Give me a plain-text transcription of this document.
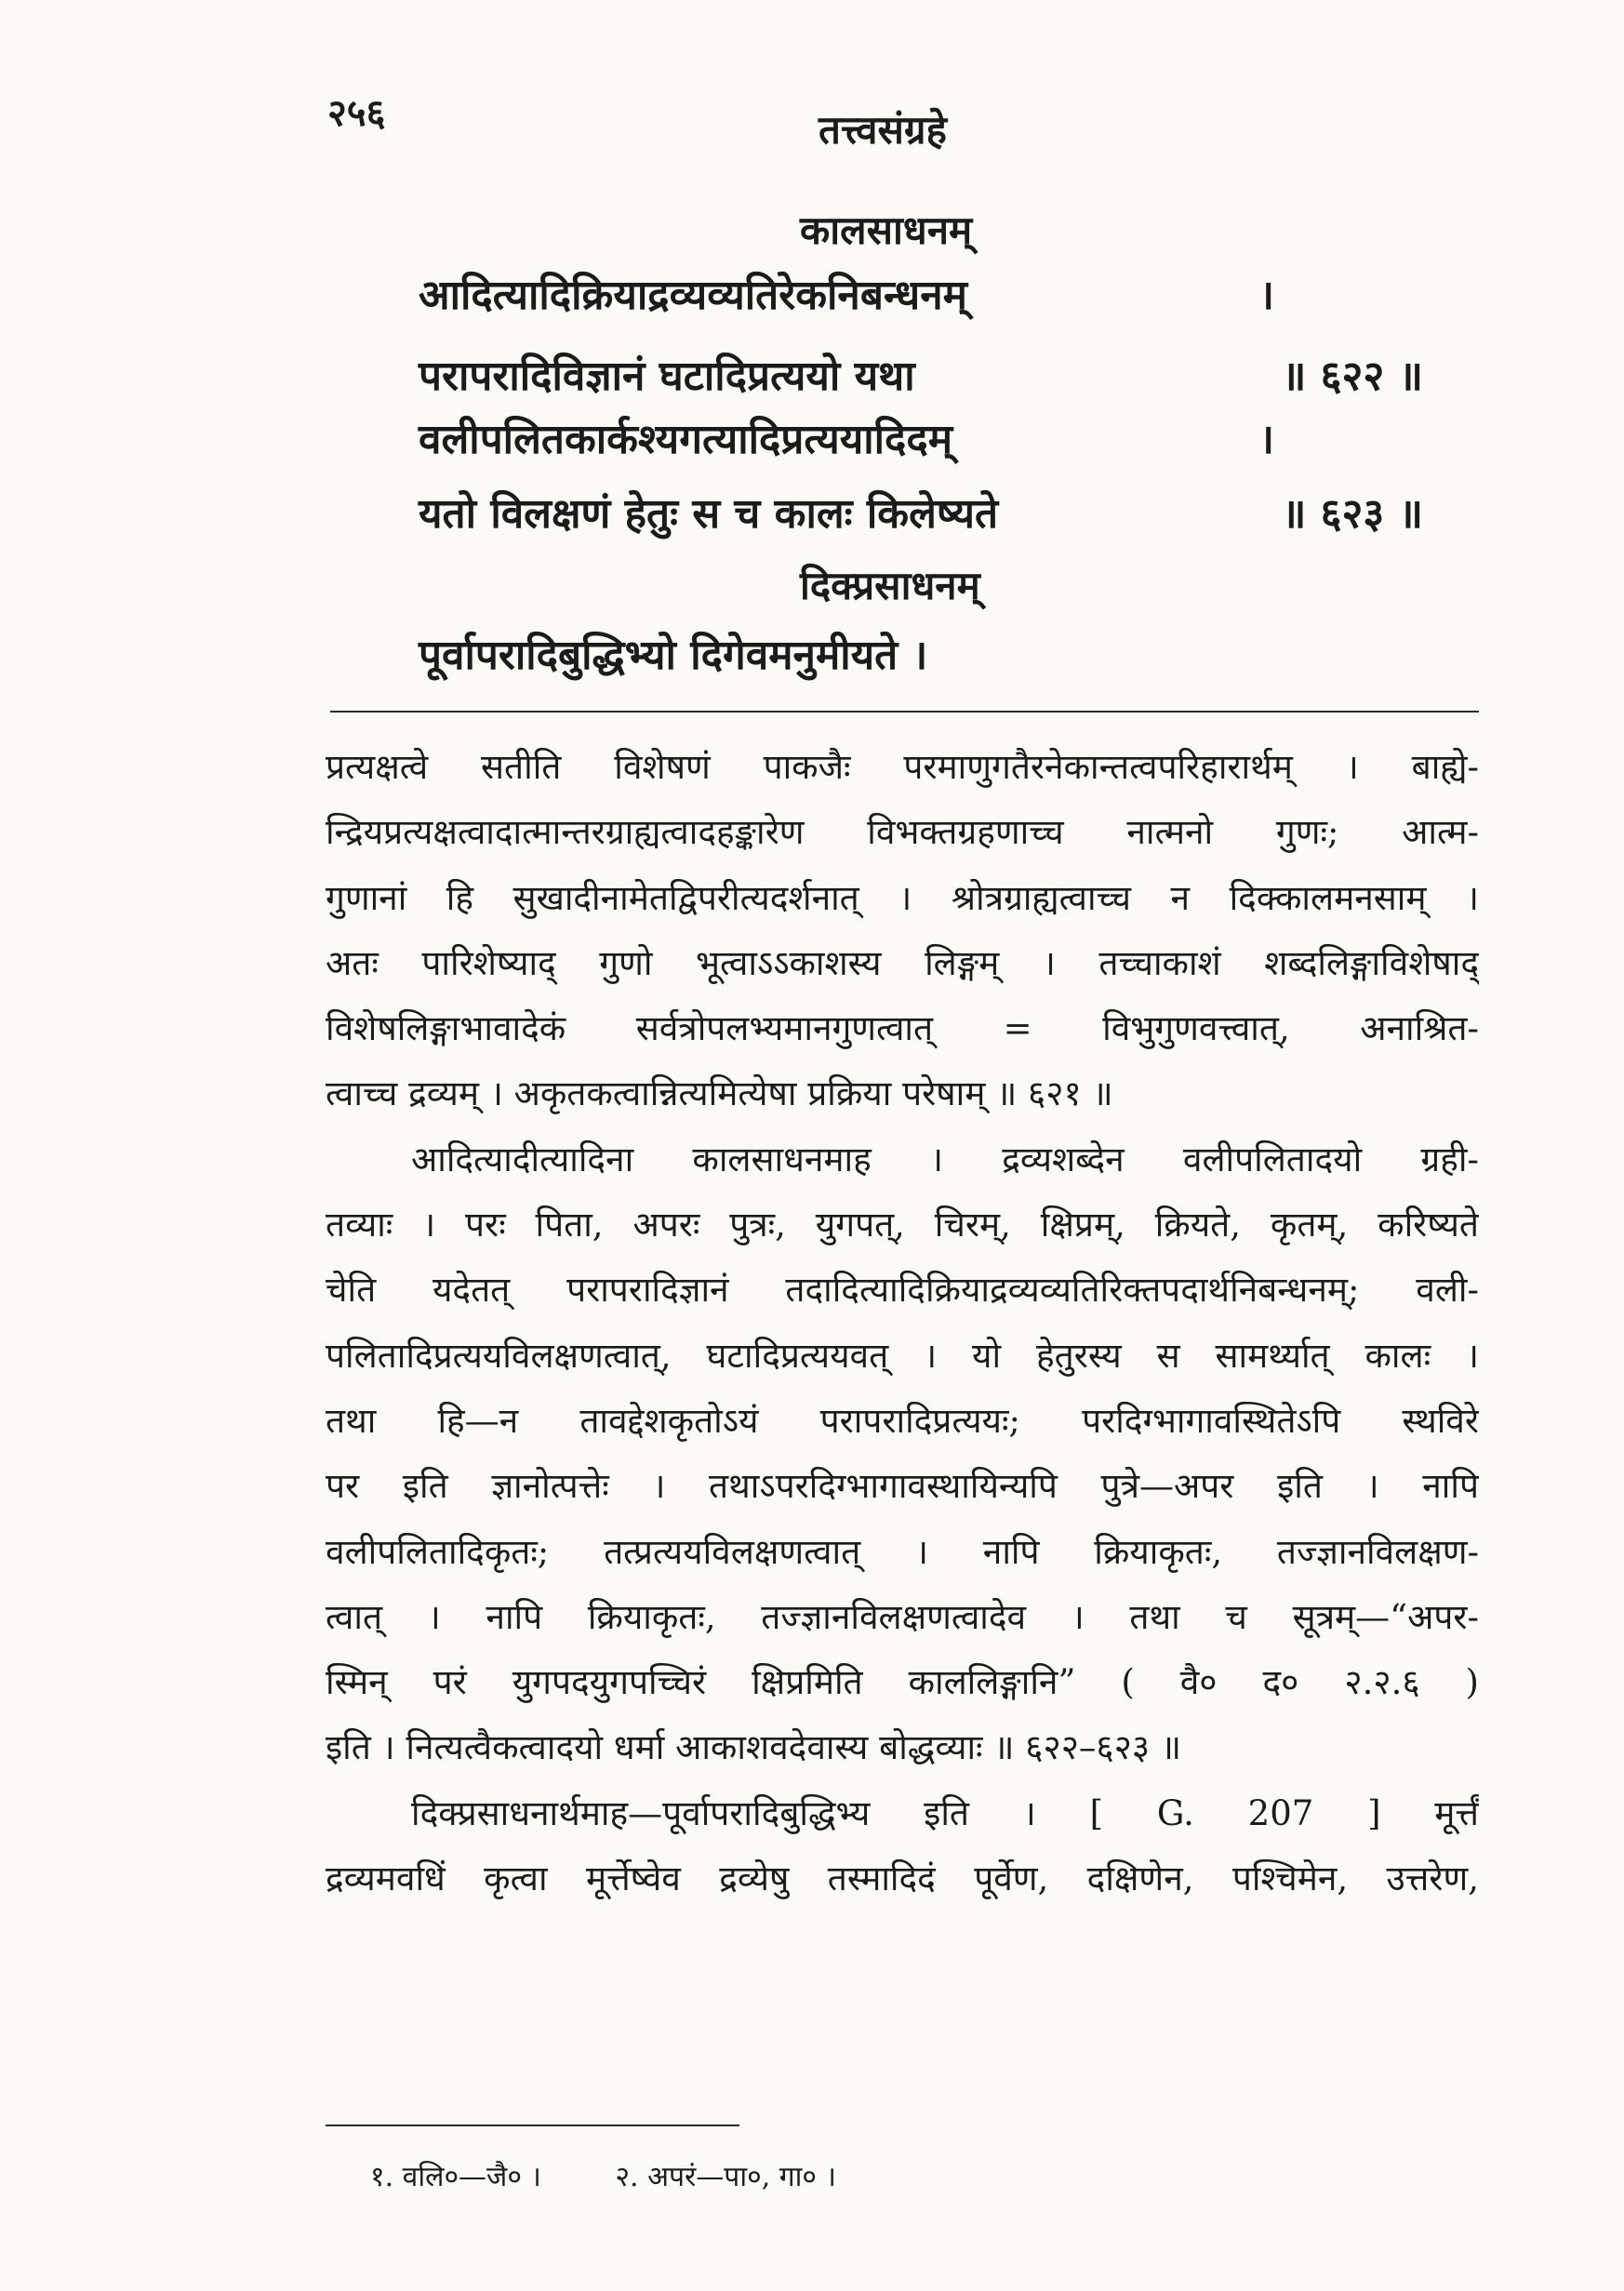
२५६	तत्त्वसंग्रहे
कालसाधनम्
आदित्यादिक्रियाद्रव्यव्यतिरेकनिबन्धनम्	।
परापरादिविज्ञानं घटादिप्रत्ययो यथा	॥ ६२२ ॥
वलीपलितकार्कश्यगत्यादिप्रत्ययादिदम्	।
यतो विलक्षणं हेतुः स च कालः किलेष्यते	॥ ६२३ ॥
दिक्प्रसाधनम्
पूर्वापरादिबुद्धिभ्यो दिगेवमनुमीयते ।
प्रत्यक्षत्वे सतीति विशेषणं पाकजैः परमाणुगतैरनेकान्तत्वपरिहारार्थम् । बाह्ये-
न्द्रियप्रत्यक्षत्वादात्मान्तरग्राह्यत्वादहङ्कारेण विभक्तग्रहणाच्च नात्मनो गुणः; आत्म-
गुणानां हि सुखादीनामेतद्विपरीत्यदर्शनात् । श्रोत्रग्राह्यत्वाच्च न दिक्कालमनसाम् ।
अतः पारिशेष्याद् गुणो भूत्वाऽऽकाशस्य लिङ्गम् । तच्चाकाशं शब्दलिङ्गाविशेषाद्
विशेषलिङ्गाभावादेकं सर्वत्रोपलभ्यमानगुणत्वात् = विभुगुणवत्त्वात्, अनाश्रित-
त्वाच्च द्रव्यम् । अकृतकत्वान्नित्यमित्येषा प्रक्रिया परेषाम् ॥ ६२१ ॥
आदित्यादीत्यादिना कालसाधनमाह । द्रव्यशब्देन वलीपलितादयो ग्रही-
तव्याः । परः पिता, अपरः पुत्रः, युगपत्, चिरम्, क्षिप्रम्, क्रियते, कृतम्, करिष्यते
चेति यदेतत् परापरादिज्ञानं तदादित्यादिक्रियाद्रव्यव्यतिरिक्तपदार्थनिबन्धनम्; वली-
पलितादिप्रत्ययविलक्षणत्वात्, घटादिप्रत्ययवत् । यो हेतुरस्य स सामर्थ्यात् कालः ।
तथा हि—न तावद्देशकृतोऽयं परापरादिप्रत्ययः; परदिग्भागावस्थितेऽपि स्थविरे
पर इति ज्ञानोत्पत्तेः । तथाऽपरदिग्भागावस्थायिन्यपि पुत्रे—अपर इति । नापि
वलीपलितादिकृतः; तत्प्रत्ययविलक्षणत्वात् । नापि क्रियाकृतः, तज्ज्ञानविलक्षण-
त्वात् । नापि क्रियाकृतः, तज्ज्ञानविलक्षणत्वादेव । तथा च सूत्रम्—“अपर-
स्मिन् परं युगपदयुगपच्चिरं क्षिप्रमिति काललिङ्गानि” ( वै० द० २.२.६ )
इति । नित्यत्वैकत्वादयो धर्मा आकाशवदेवास्य बोद्धव्याः ॥ ६२२–६२३ ॥
दिक्प्रसाधनार्थमाह—पूर्वापरादिबुद्धिभ्य इति । [ G. 207 ] मूर्त्तं
द्रव्यमवधिं कृत्वा मूर्त्तेष्वेव द्रव्येषु तस्मादिदं पूर्वेण, दक्षिणेन, पश्चिमेन, उत्तरेण,
१. वलि०—जै० ।	२. अपरं—पा०, गा० ।
